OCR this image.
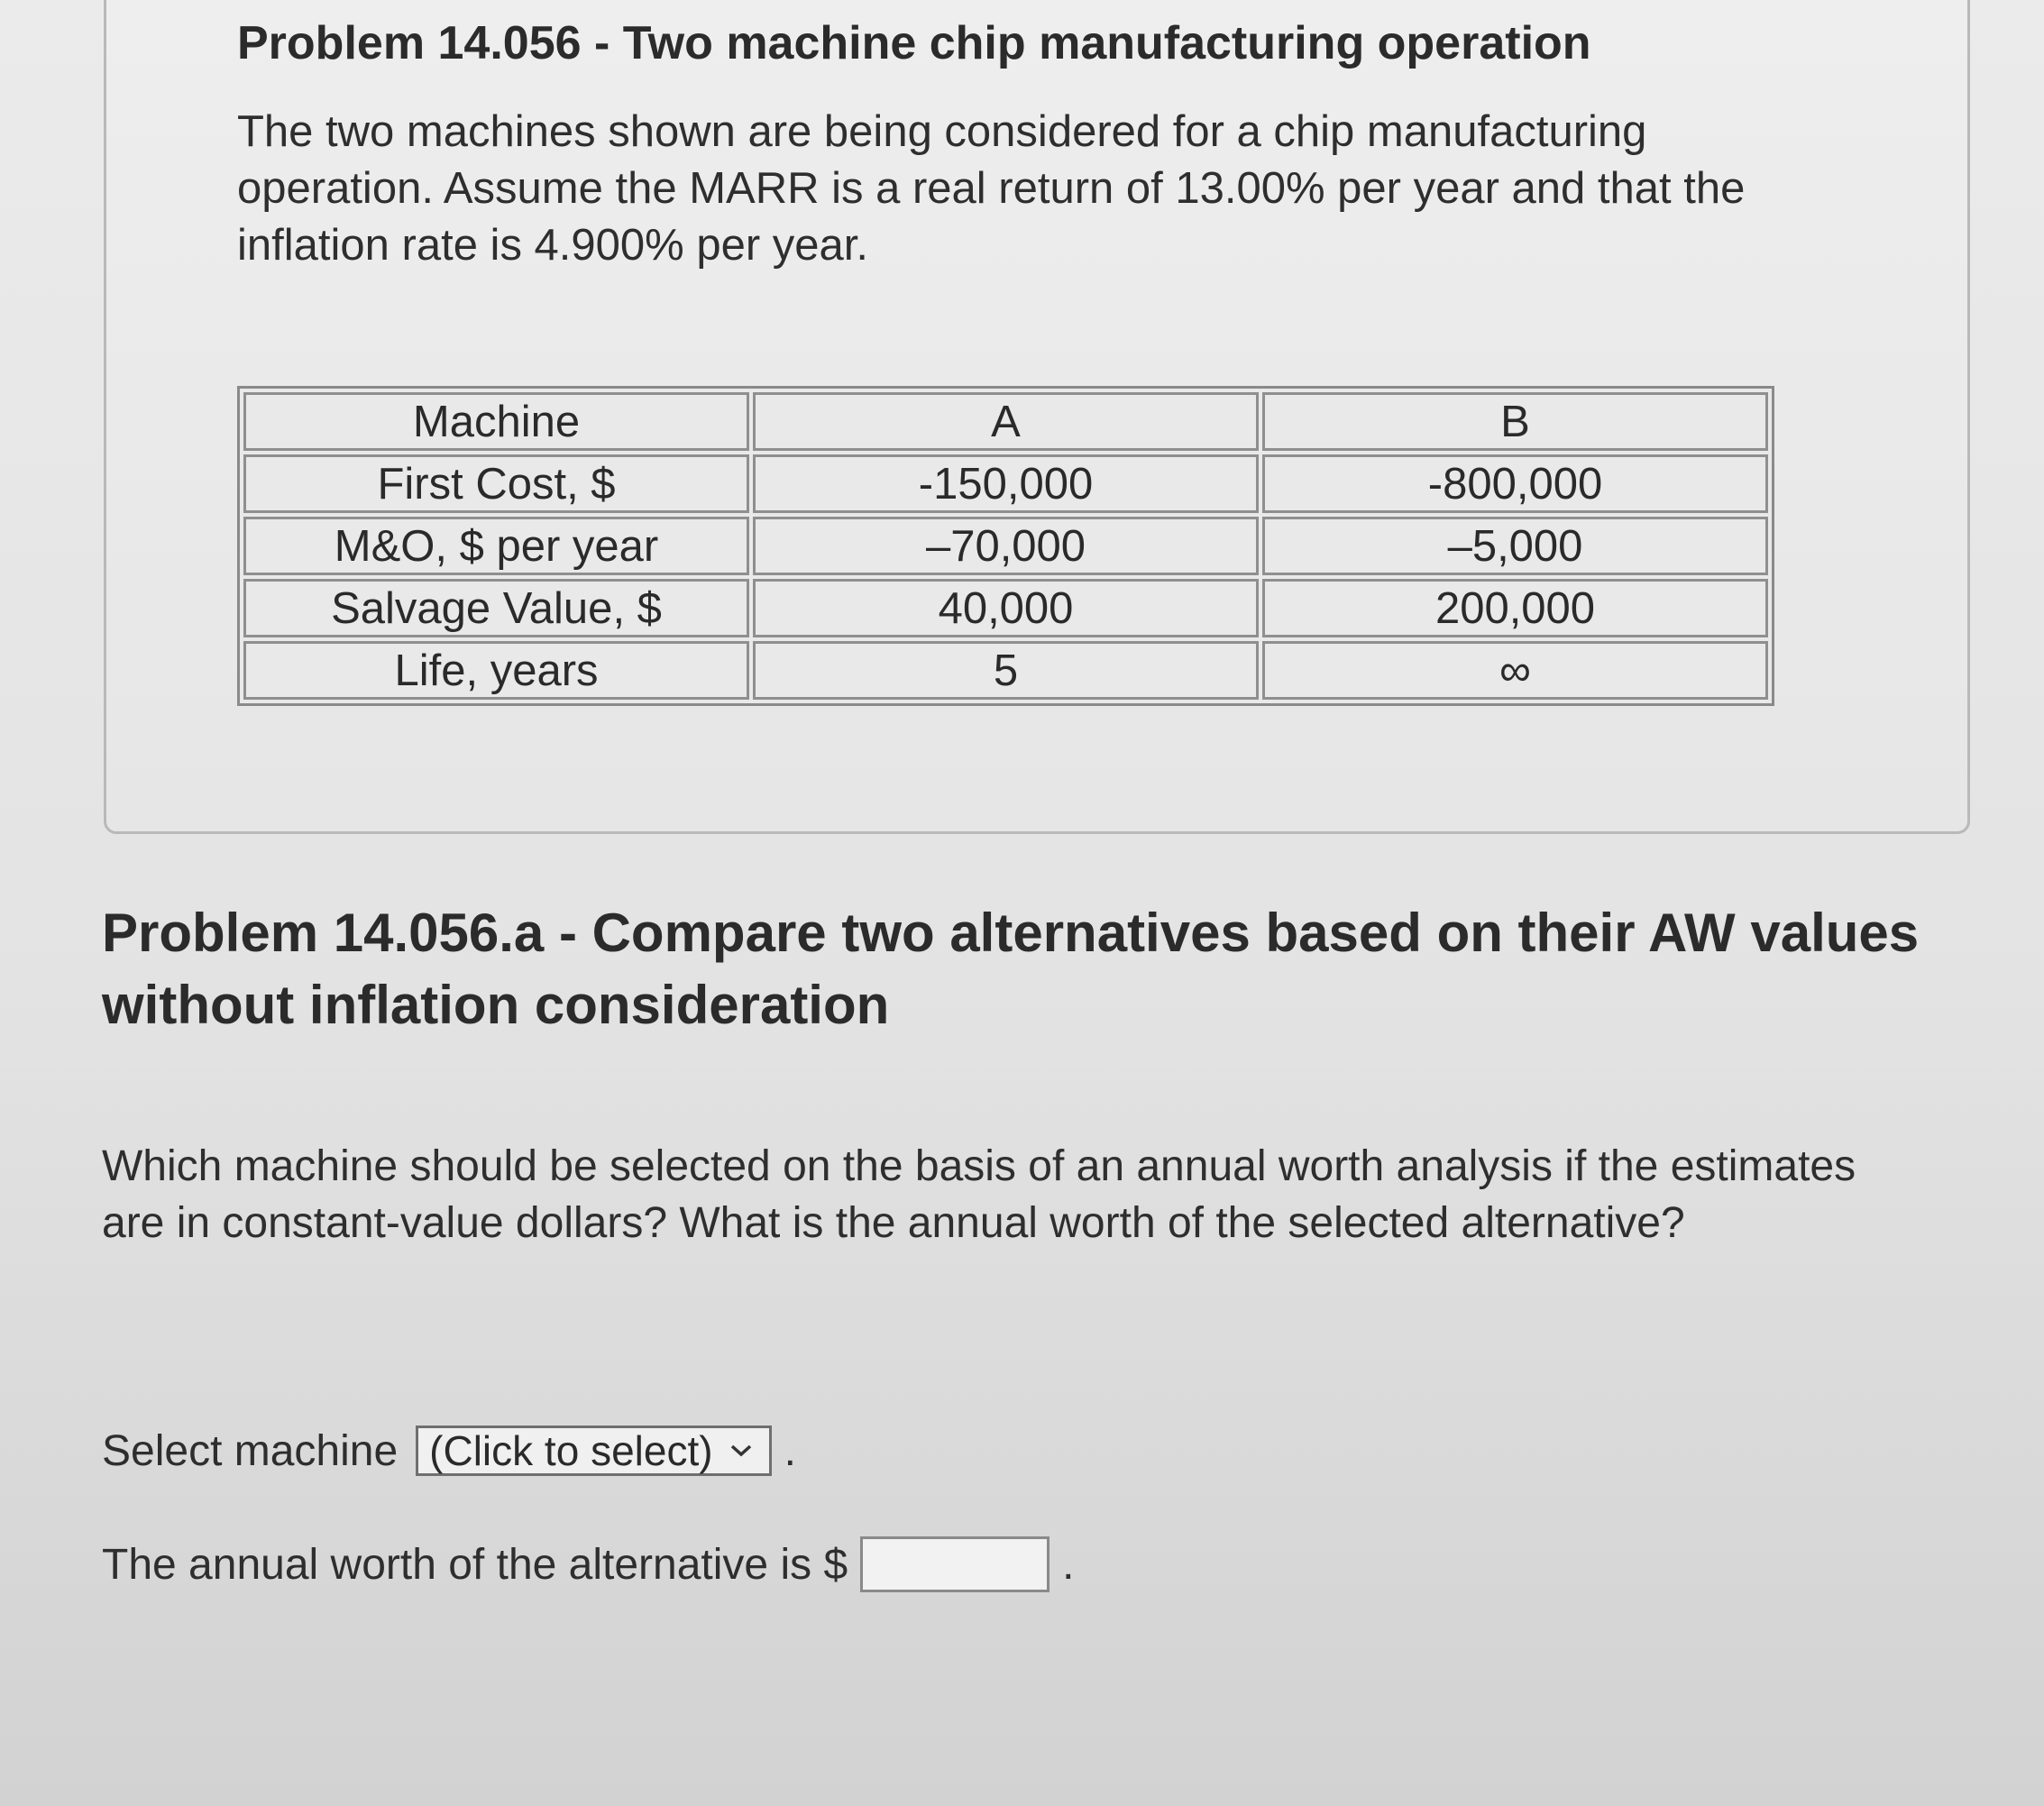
Problem 14.056 - Two machine chip manufacturing operation

The two machines shown are being considered for a chip manufacturing operation. Assume the MARR is a real return of 13.00% per year and that the inflation rate is 4.900% per year.

Machine	A	B
First Cost, $	-150,000	-800,000
M&O, $ per year	–70,000	–5,000
Salvage Value, $	40,000	200,000
Life, years	5	∞
Problem 14.056.a - Compare two alternatives based on their AW values without inflation consideration

Which machine should be selected on the basis of an annual worth analysis if the estimates are in constant-value dollars? What is the annual worth of the selected alternative?

Select machine (Click to select) .
The annual worth of the alternative is $	.
